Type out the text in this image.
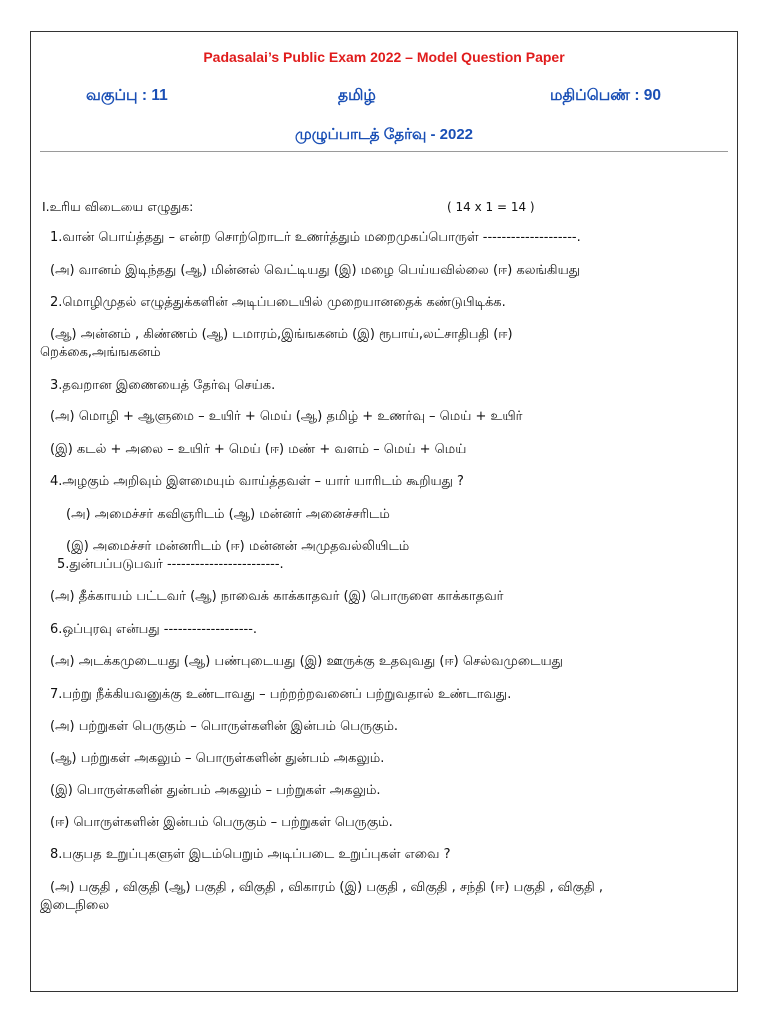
Padasalai’s Public Exam 2022 – Model Question Paper
வகுப்பு : 11	தமிழ்	மதிப்பெண் : 90
முழுப்பாடத் தேர்வு - 2022
I.உரிய விடையை எழுதுக:	( 14 x 1 = 14 )
1.வான் பொய்த்தது – என்ற சொற்றொடர் உணர்த்தும் மறைமுகப்பொருள் --------------------.
(அ) வானம் இடிந்தது (ஆ) மின்னல் வெட்டியது (இ) மழை பெய்யவில்லை (ஈ) கலங்கியது
2.மொழிமுதல் எழுத்துக்களின் அடிப்படையில் முறையானதைக் கண்டுபிடிக்க.
(ஆ) அன்னம் , கிண்ணம் (ஆ) டமாரம்,இங்ஙகனம் (இ) ரூபாய்,லட்சாதிபதி (ஈ)
றெக்கை,அங்ஙகனம்
3.தவறான இணையைத் தேர்வு செய்க.
(அ) மொழி + ஆளுமை – உயிர் + மெய் (ஆ) தமிழ் + உணர்வு – மெய் + உயிர்
(இ) கடல் + அலை – உயிர் + மெய் (ஈ) மண் + வளம் – மெய் + மெய்
4.அழகும் அறிவும் இளமையும் வாய்த்தவள் – யார் யாரிடம் கூறியது ?
(அ) அமைச்சர் கவிஞரிடம் (ஆ) மன்னர் அனைச்சரிடம்
(இ) அமைச்சர் மன்னரிடம் (ஈ) மன்னன் அமுதவல்லியிடம்
5.துன்பப்படுபவர் ------------------------.
(அ) தீக்காயம் பட்டவர் (ஆ) நாவைக் காக்காதவர் (இ) பொருளை காக்காதவர்
6.ஒப்புரவு என்பது -------------------.
(அ) அடக்கமுடையது (ஆ) பண்புடையது (இ) ஊருக்கு உதவுவது (ஈ) செல்வமுடையது
7.பற்று நீக்கியவனுக்கு உண்டாவது – பற்றற்றவனைப் பற்றுவதால் உண்டாவது.
(அ) பற்றுகள் பெருகும் – பொருள்களின் இன்பம் பெருகும்.
(ஆ) பற்றுகள் அகலும் – பொருள்களின் துன்பம் அகலும்.
(இ) பொருள்களின் துன்பம் அகலும் – பற்றுகள் அகலும்.
(ஈ) பொருள்களின் இன்பம் பெருகும் – பற்றுகள் பெருகும்.
8.பகுபத உறுப்புகளுள் இடம்பெறும் அடிப்படை உறுப்புகள் எவை ?
(அ) பகுதி , விகுதி (ஆ) பகுதி , விகுதி , விகாரம் (இ) பகுதி , விகுதி , சந்தி (ஈ) பகுதி , விகுதி ,
இடைநிலை
